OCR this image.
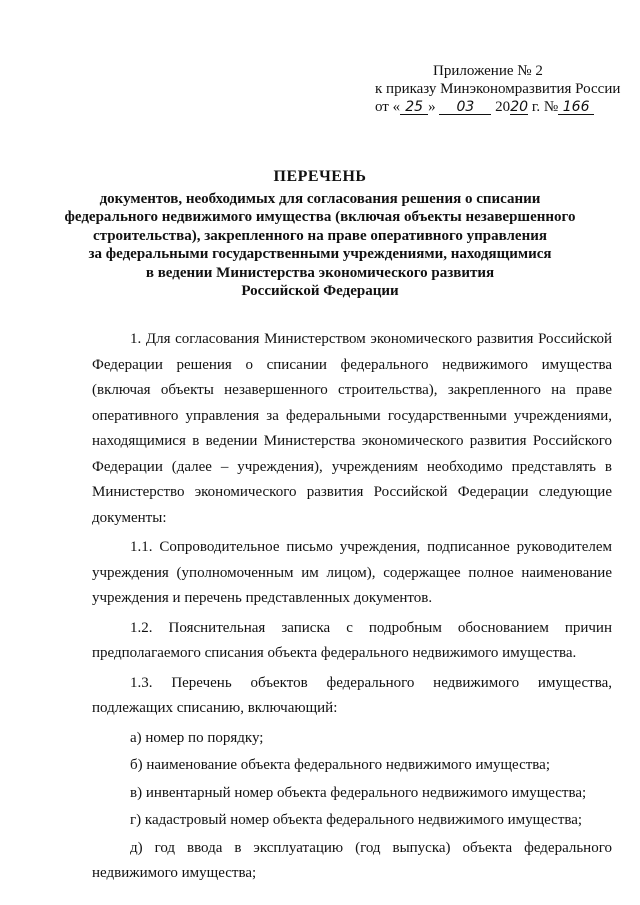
Приложение № 2
к приказу Минэкономразвития России
от « 25 » 03 2020 г. № 166
ПЕРЕЧЕНЬ
документов, необходимых для согласования решения о списании
федерального недвижимого имущества (включая объекты незавершенного
строительства), закрепленного на праве оперативного управления
за федеральными государственными учреждениями, находящимися
в ведении Министерства экономического развития
Российской Федерации

1. Для согласования Министерством экономического развития Российской Федерации решения о списании федерального недвижимого имущества (включая объекты незавершенного строительства), закрепленного на праве оперативного управления за федеральными государственными учреждениями, находящимися в ведении Министерства экономического развития Российского Федерации (далее – учреждения), учреждениям необходимо представлять в Министерство экономического развития Российской Федерации следующие документы:

1.1. Сопроводительное письмо учреждения, подписанное руководителем учреждения (уполномоченным им лицом), содержащее полное наименование учреждения и перечень представленных документов.

1.2. Пояснительная записка с подробным обоснованием причин предполагаемого списания объекта федерального недвижимого имущества.

1.3. Перечень объектов федерального недвижимого имущества, подлежащих списанию, включающий:

а) номер по порядку;

б) наименование объекта федерального недвижимого имущества;

в) инвентарный номер объекта федерального недвижимого имущества;

г) кадастровый номер объекта федерального недвижимого имущества;

д) год ввода в эксплуатацию (год выпуска) объекта федерального недвижимого имущества;
